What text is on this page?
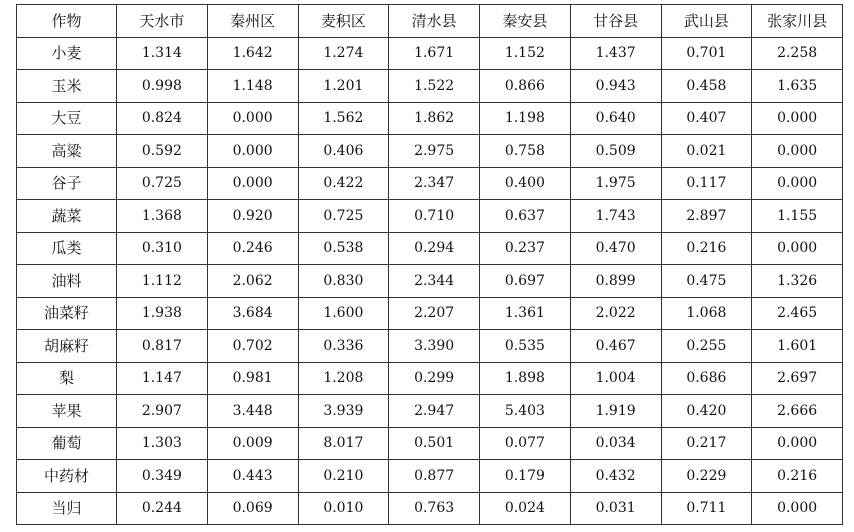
作物	天水市	秦州区	麦积区	清水县	秦安县	甘谷县	武山县	张家川县
小麦	1.314	1.642	1.274	1.671	1.152	1.437	0.701	2.258
玉米	0.998	1.148	1.201	1.522	0.866	0.943	0.458	1.635
大豆	0.824	0.000	1.562	1.862	1.198	0.640	0.407	0.000
高粱	0.592	0.000	0.406	2.975	0.758	0.509	0.021	0.000
谷子	0.725	0.000	0.422	2.347	0.400	1.975	0.117	0.000
蔬菜	1.368	0.920	0.725	0.710	0.637	1.743	2.897	1.155
瓜类	0.310	0.246	0.538	0.294	0.237	0.470	0.216	0.000
油料	1.112	2.062	0.830	2.344	0.697	0.899	0.475	1.326
油菜籽	1.938	3.684	1.600	2.207	1.361	2.022	1.068	2.465
胡麻籽	0.817	0.702	0.336	3.390	0.535	0.467	0.255	1.601
梨	1.147	0.981	1.208	0.299	1.898	1.004	0.686	2.697
苹果	2.907	3.448	3.939	2.947	5.403	1.919	0.420	2.666
葡萄	1.303	0.009	8.017	0.501	0.077	0.034	0.217	0.000
中药材	0.349	0.443	0.210	0.877	0.179	0.432	0.229	0.216
当归	0.244	0.069	0.010	0.763	0.024	0.031	0.711	0.000
